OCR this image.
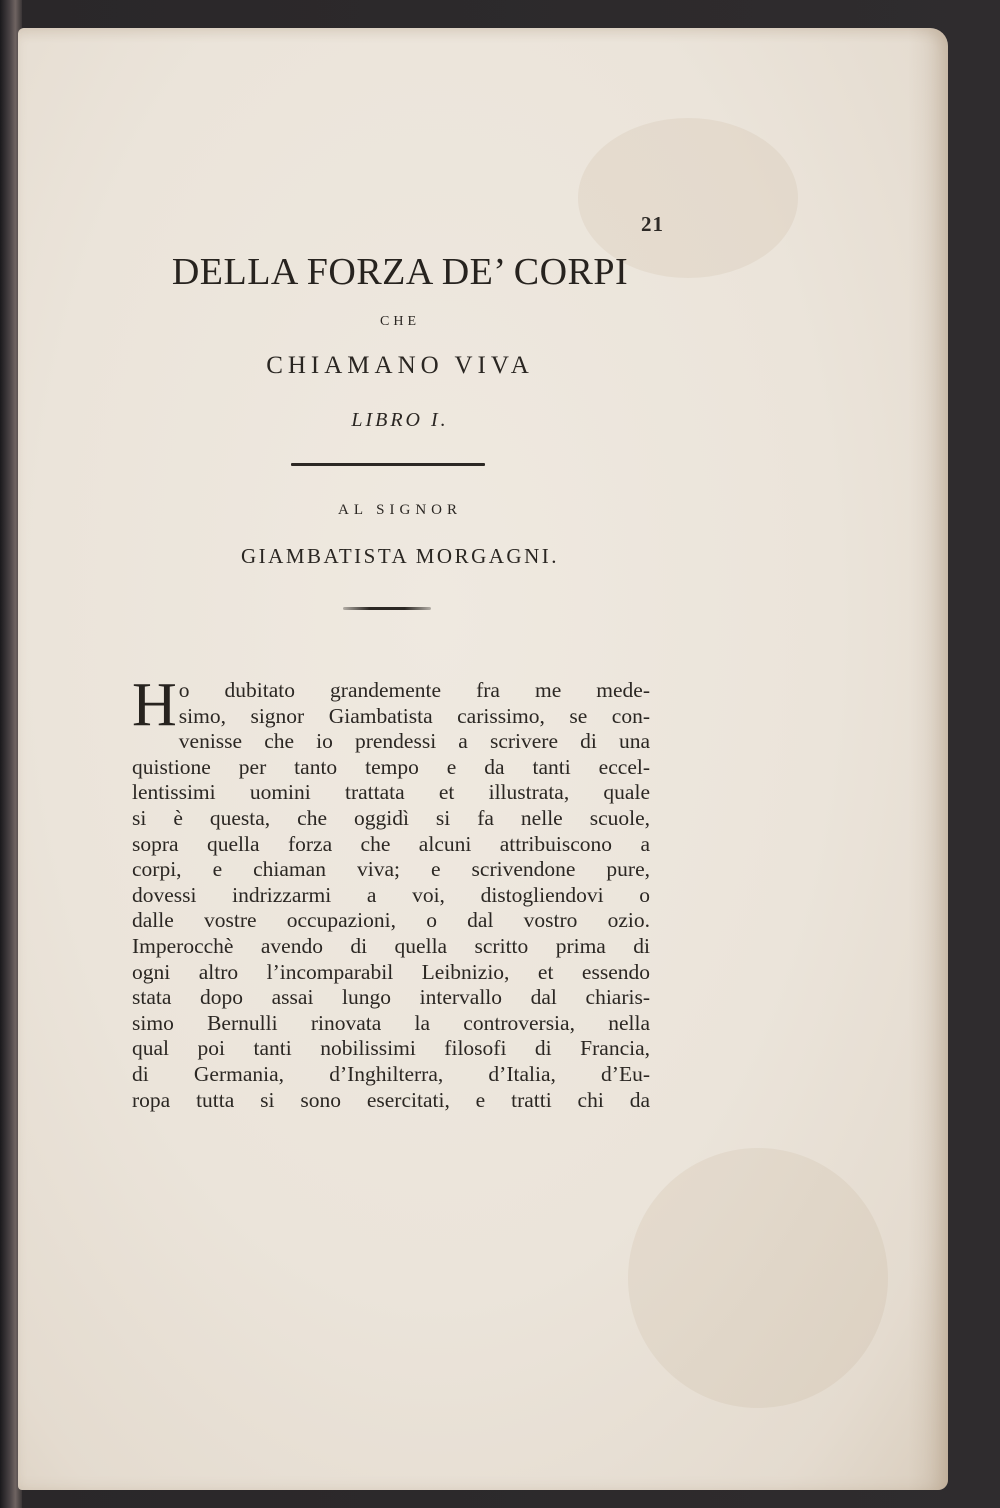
21
DELLA FORZA DE’ CORPI
CHE
CHIAMANO VIVA
LIBRO I.
AL SIGNOR
GIAMBATISTA MORGAGNI.
H o dubitato grandemente fra me mede-
simo, signor Giambatista carissimo, se con-
venisse che io prendessi a scrivere di una
quistione per tanto tempo e da tanti eccel-
lentissimi uomini trattata et illustrata, quale
si è questa, che oggidì si fa nelle scuole,
sopra quella forza che alcuni attribuiscono a
corpi, e chiaman viva; e scrivendone pure,
dovessi indrizzarmi a voi, distogliendovi o
dalle vostre occupazioni, o dal vostro ozio.
Imperocchè avendo di quella scritto prima di
ogni altro l’incomparabil Leibnizio, et essendo
stata dopo assai lungo intervallo dal chiaris-
simo Bernulli rinovata la controversia, nella
qual poi tanti nobilissimi filosofi di Francia,
di Germania, d’Inghilterra, d’Italia, d’Eu-
ropa tutta si sono esercitati, e tratti chi da
